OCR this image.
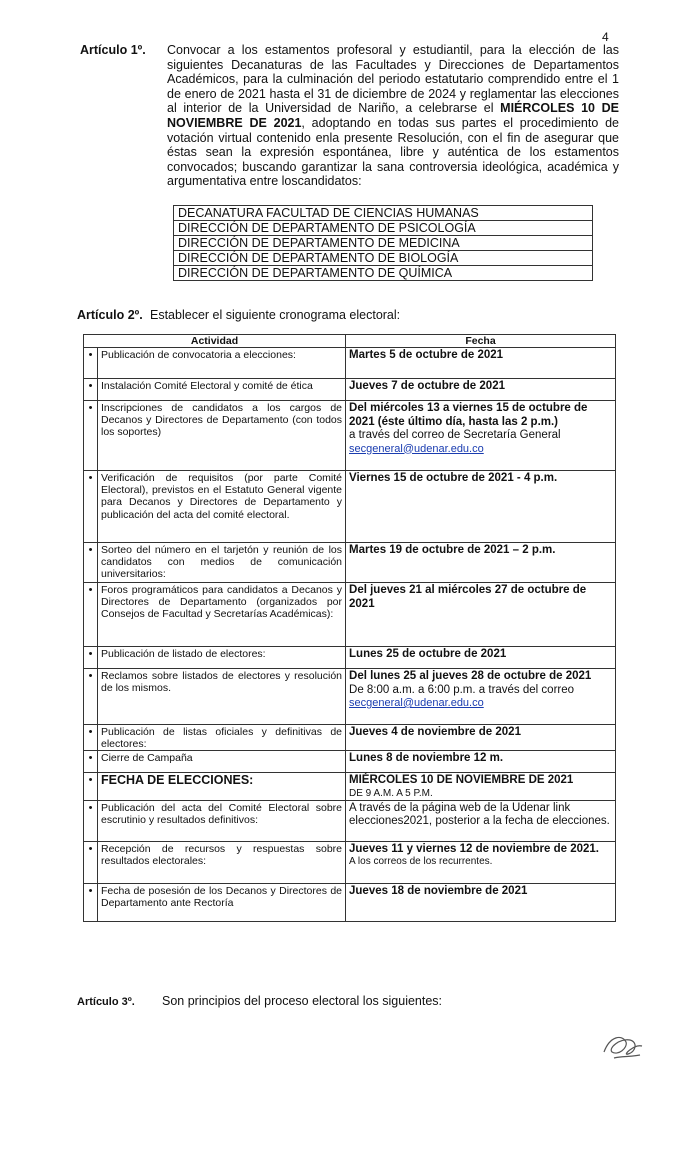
4
Artículo 1º. Convocar a los estamentos profesoral y estudiantil, para la elección de las siguientes Decanaturas de las Facultades y Direcciones de Departamentos Académicos, para la culminación del periodo estatutario comprendido entre el 1 de enero de 2021 hasta el 31 de diciembre de 2024 y reglamentar las elecciones al interior de la Universidad de Nariño, a celebrarse el MIÉRCOLES 10 DE NOVIEMBRE DE 2021, adoptando en todas sus partes el procedimiento de votación virtual contenido enla presente Resolución, con el fin de asegurar que éstas sean la expresión espontánea, libre y auténtica de los estamentos convocados; buscando garantizar la sana controversia ideológica, académica y argumentativa entre loscandidatos:
DECANATURA FACULTAD DE CIENCIAS HUMANAS
DIRECCIÓN DE DEPARTAMENTO DE PSICOLOGÍA
DIRECCIÓN DE DEPARTAMENTO DE MEDICINA
DIRECCIÓN DE DEPARTAMENTO DE BIOLOGÍA
DIRECCIÓN DE DEPARTAMENTO DE QUÍMICA
Artículo 2º. Establecer el siguiente cronograma electoral:
Actividad		Fecha
•	Publicación de convocatoria a elecciones:	Martes 5 de octubre de 2021

•	Instalación Comité Electoral y comité de ética	Jueves 7 de octubre de 2021

•	Inscripciones de candidatos a los cargos de Decanos y Directores de Departamento (con todos los soportes)	Del miércoles 13 a viernes 15 de octubre de 2021 (éste último día, hasta las 2 p.m.)
a través del correo de Secretaría General
secgeneral@udenar.edu.co

•	Verificación de requisitos (por parte Comité Electoral), previstos en el Estatuto General vigente para Decanos y Directores de Departamento y publicación del acta del comité electoral.	Viernes 15 de octubre de 2021 - 4 p.m.

•	Sorteo del número en el tarjetón y reunión de los candidatos con medios de comunicación universitarios:	Martes 19 de octubre de 2021 – 2 p.m.

•	Foros programáticos para candidatos a Decanos y Directores de Departamento (organizados por Consejos de Facultad y Secretarías Académicas):	Del jueves 21 al miércoles 27 de octubre de 2021

•	Publicación de listado de electores:	Lunes 25 de octubre de 2021

•	Reclamos sobre listados de electores y resolución de los mismos.	Del lunes 25 al jueves 28 de octubre de 2021
De 8:00 a.m. a 6:00 p.m. a través del correo
secgeneral@udenar.edu.co

•	Publicación de listas oficiales y definitivas de electores:	Jueves 4 de noviembre de 2021

•	Cierre de Campaña	Lunes 8 de noviembre 12 m.

•	FECHA DE ELECCIONES:	MIÉRCOLES 10 DE NOVIEMBRE DE 2021
DE 9 A.M. A 5 P.M.

•	Publicación del acta del Comité Electoral sobre escrutinio y resultados definitivos:	A través de la página web de la Udenar link elecciones2021, posterior a la fecha de elecciones.

•	Recepción de recursos y respuestas sobre resultados electorales:	Jueves 11 y viernes 12 de noviembre de 2021.
A los correos de los recurrentes.

•	Fecha de posesión de los Decanos y Directores de Departamento ante Rectoría	Jueves 18 de noviembre de 2021
Artículo 3º. Son principios del proceso electoral los siguientes:
